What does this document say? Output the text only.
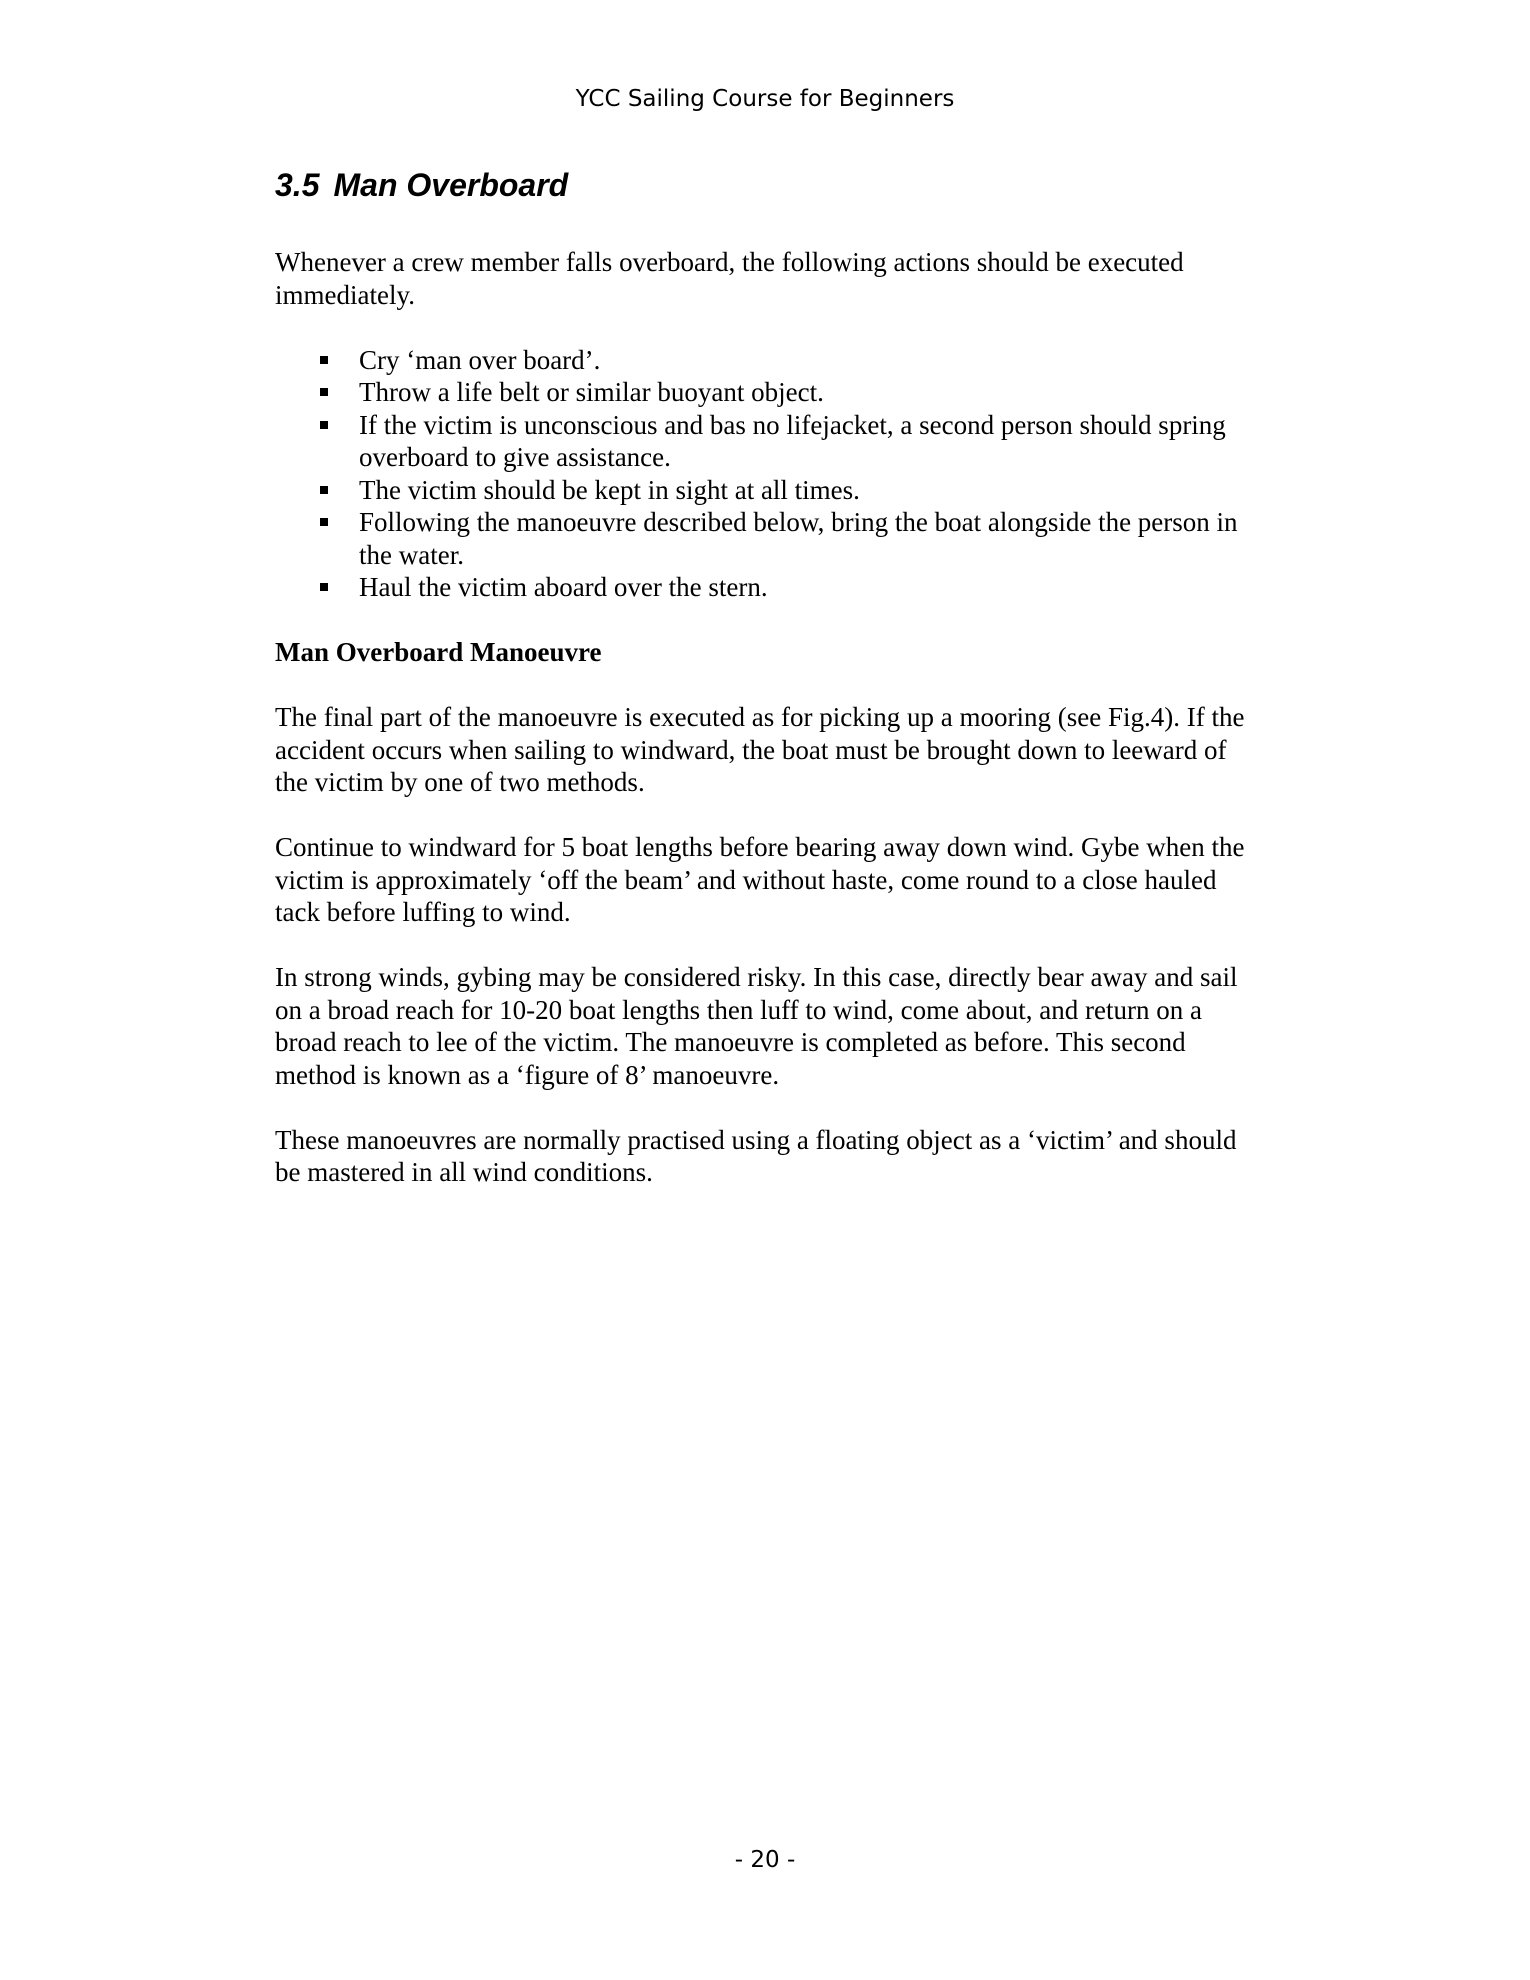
YCC Sailing Course for Beginners
3.5 Man Overboard

Whenever a crew member falls overboard, the following actions should be executed immediately.

Cry ‘man over board’.
Throw a life belt or similar buoyant object.
If the victim is unconscious and bas no lifejacket, a second person should spring overboard to give assistance.
The victim should be kept in sight at all times.
Following the manoeuvre described below, bring the boat alongside the person in the water.
Haul the victim aboard over the stern.

Man Overboard Manoeuvre

The final part of the manoeuvre is executed as for picking up a mooring (see Fig.4). If the accident occurs when sailing to windward, the boat must be brought down to leeward of the victim by one of two methods.

Continue to windward for 5 boat lengths before bearing away down wind. Gybe when the victim is approximately ‘off the beam’ and without haste, come round to a close hauled tack before luffing to wind.

In strong winds, gybing may be considered risky. In this case, directly bear away and sail on a broad reach for 10-20 boat lengths then luff to wind, come about, and return on a broad reach to lee of the victim. The manoeuvre is completed as before. This second method is known as a ‘figure of 8’ manoeuvre.

These manoeuvres are normally practised using a floating object as a ‘victim’ and should be mastered in all wind conditions.

- 20 -
